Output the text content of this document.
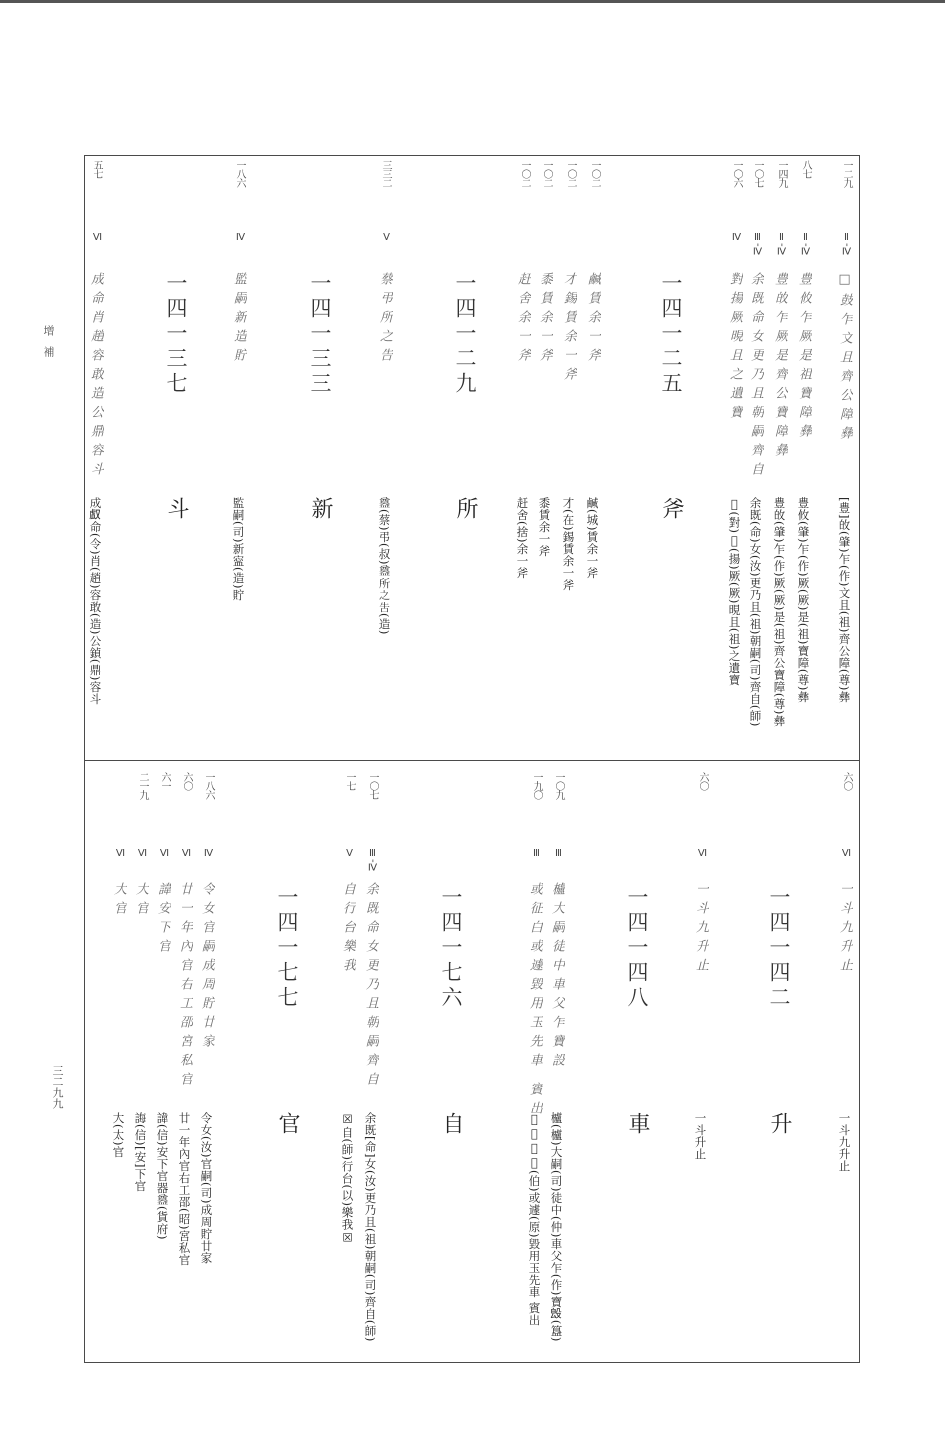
增補
三二九九
一二九
Ⅱ-Ⅳ
□鼓乍文且齊公障彝
[豊]敀(肇)乍(作)文且(祖)齊公障(尊)彝
八七
Ⅱ-Ⅳ
豊攸乍厥是祖寶障彝
豊攸(肇)乍(作)厥(厥)是(祖)寶障(尊)彝
一四九
Ⅱ-Ⅳ
豊敀乍厥是齊公寶障彝
豊敀(肇)乍(作)厥(厥)是(祖)齊公寶障(尊)彝
一〇七
Ⅲ-Ⅳ
余既命女更乃且朝嗣齊自
余既(命)女(汝)更乃且(祖)朝嗣(司)齊自(師)
一〇六
Ⅳ
對揚厥晛且之遺寶
𢼸(對)𢼸(揚)厥(厥)晛且(祖)之遺寶
一四一二五
斧
一〇二
鹹賃余一斧
鹹(城)賃余一斧
一〇二
才錫賃余一斧
才(在)錫賃余一斧
一〇二
黍賃余一斧
黍賃余一斧
一〇二
赶舍余一斧
赶舍(捨)余一斧
一四一二九
所
三三二
Ⅴ
蔡弔所之告
𥂴(蔡)弔(叔)𥂴所之告(造)
一四一三三
新
一八六
Ⅳ
監嗣新造貯
監嗣(司)新寍(造)貯
一四一三七
斗
五七
Ⅵ
成命肖趙容敢造公鼎容斗
成𠭯命(令)肖(趙)容敢(造)公鍞(鼎)容斗
六〇
Ⅵ
一斗九升止
一斗九升止
一四一四二
升
六〇
Ⅵ
一斗九升止
一斗升止
一四一四八
車
一〇九
Ⅲ
櫨大嗣徒中車父乍寶設
櫨(櫨)大嗣(司)徒中(仲)車父乍(作)寶𣪕(簋)
一九〇
Ⅲ
或征白或遽毀用玉先車 賓出
𢼸或征白(伯)或遽(原)毀用玉先車 賓出
一四一七六
自
一〇七
Ⅲ-Ⅳ
余既命女更乃且朝嗣齊自
余既[命]女(汝)更乃且(祖)朝嗣(司)齊自(師)
一七
Ⅴ
自行台樂我
☒自(師)行台(以)樂我☒
一四一七七
官
一八六
Ⅳ
令女官嗣成周貯廿家
令女(汝)官嗣(司)成周貯廿家
六〇
Ⅵ
廿一年內官右工邵宮私官
廿一年內官右工邵(昭)宮私官
六一
Ⅵ
諱安下官
諱(信)安下官器𥂴(貨府)
二一九
Ⅵ
大官
誨(信)[安]下官
Ⅵ
大官
大(太)官
